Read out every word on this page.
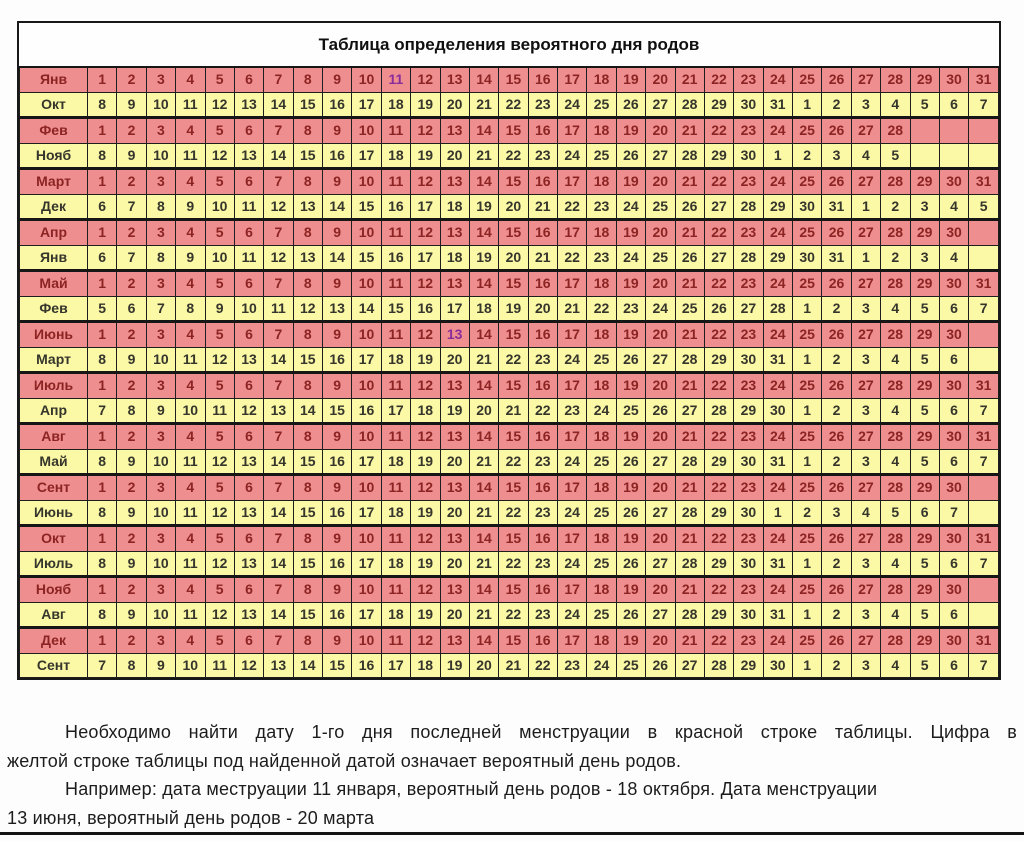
Таблица определения вероятного дня родов
Янв	1	2	3	4	5	6	7	8	9	10	11	12	13	14	15	16	17	18	19	20	21	22	23	24	25	26	27	28	29	30	31
Окт	8	9	10	11	12	13	14	15	16	17	18	19	20	21	22	23	24	25	26	27	28	29	30	31	1	2	3	4	5	6	7
Фев	1	2	3	4	5	6	7	8	9	10	11	12	13	14	15	16	17	18	19	20	21	22	23	24	25	26	27	28			
Нояб	8	9	10	11	12	13	14	15	16	17	18	19	20	21	22	23	24	25	26	27	28	29	30	1	2	3	4	5			
Март	1	2	3	4	5	6	7	8	9	10	11	12	13	14	15	16	17	18	19	20	21	22	23	24	25	26	27	28	29	30	31
Дек	6	7	8	9	10	11	12	13	14	15	16	17	18	19	20	21	22	23	24	25	26	27	28	29	30	31	1	2	3	4	5
Апр	1	2	3	4	5	6	7	8	9	10	11	12	13	14	15	16	17	18	19	20	21	22	23	24	25	26	27	28	29	30	
Янв	6	7	8	9	10	11	12	13	14	15	16	17	18	19	20	21	22	23	24	25	26	27	28	29	30	31	1	2	3	4	
Май	1	2	3	4	5	6	7	8	9	10	11	12	13	14	15	16	17	18	19	20	21	22	23	24	25	26	27	28	29	30	31
Фев	5	6	7	8	9	10	11	12	13	14	15	16	17	18	19	20	21	22	23	24	25	26	27	28	1	2	3	4	5	6	7
Июнь	1	2	3	4	5	6	7	8	9	10	11	12	13	14	15	16	17	18	19	20	21	22	23	24	25	26	27	28	29	30	
Март	8	9	10	11	12	13	14	15	16	17	18	19	20	21	22	23	24	25	26	27	28	29	30	31	1	2	3	4	5	6	
Июль	1	2	3	4	5	6	7	8	9	10	11	12	13	14	15	16	17	18	19	20	21	22	23	24	25	26	27	28	29	30	31
Апр	7	8	9	10	11	12	13	14	15	16	17	18	19	20	21	22	23	24	25	26	27	28	29	30	1	2	3	4	5	6	7
Авг	1	2	3	4	5	6	7	8	9	10	11	12	13	14	15	16	17	18	19	20	21	22	23	24	25	26	27	28	29	30	31
Май	8	9	10	11	12	13	14	15	16	17	18	19	20	21	22	23	24	25	26	27	28	29	30	31	1	2	3	4	5	6	7
Сент	1	2	3	4	5	6	7	8	9	10	11	12	13	14	15	16	17	18	19	20	21	22	23	24	25	26	27	28	29	30	
Июнь	8	9	10	11	12	13	14	15	16	17	18	19	20	21	22	23	24	25	26	27	28	29	30	1	2	3	4	5	6	7	
Окт	1	2	3	4	5	6	7	8	9	10	11	12	13	14	15	16	17	18	19	20	21	22	23	24	25	26	27	28	29	30	31
Июль	8	9	10	11	12	13	14	15	16	17	18	19	20	21	22	23	24	25	26	27	28	29	30	31	1	2	3	4	5	6	7
Нояб	1	2	3	4	5	6	7	8	9	10	11	12	13	14	15	16	17	18	19	20	21	22	23	24	25	26	27	28	29	30	
Авг	8	9	10	11	12	13	14	15	16	17	18	19	20	21	22	23	24	25	26	27	28	29	30	31	1	2	3	4	5	6	
Дек	1	2	3	4	5	6	7	8	9	10	11	12	13	14	15	16	17	18	19	20	21	22	23	24	25	26	27	28	29	30	31
Сент	7	8	9	10	11	12	13	14	15	16	17	18	19	20	21	22	23	24	25	26	27	28	29	30	1	2	3	4	5	6	7
Необходимо найти дату 1-го дня последней менструации в красной строке таблицы. Цифра в
желтой строке таблицы под найденной датой означает вероятный день родов.
Например: дата меструации 11 января, вероятный день родов - 18 октября. Дата менструации
13 июня, вероятный день родов - 20 марта
